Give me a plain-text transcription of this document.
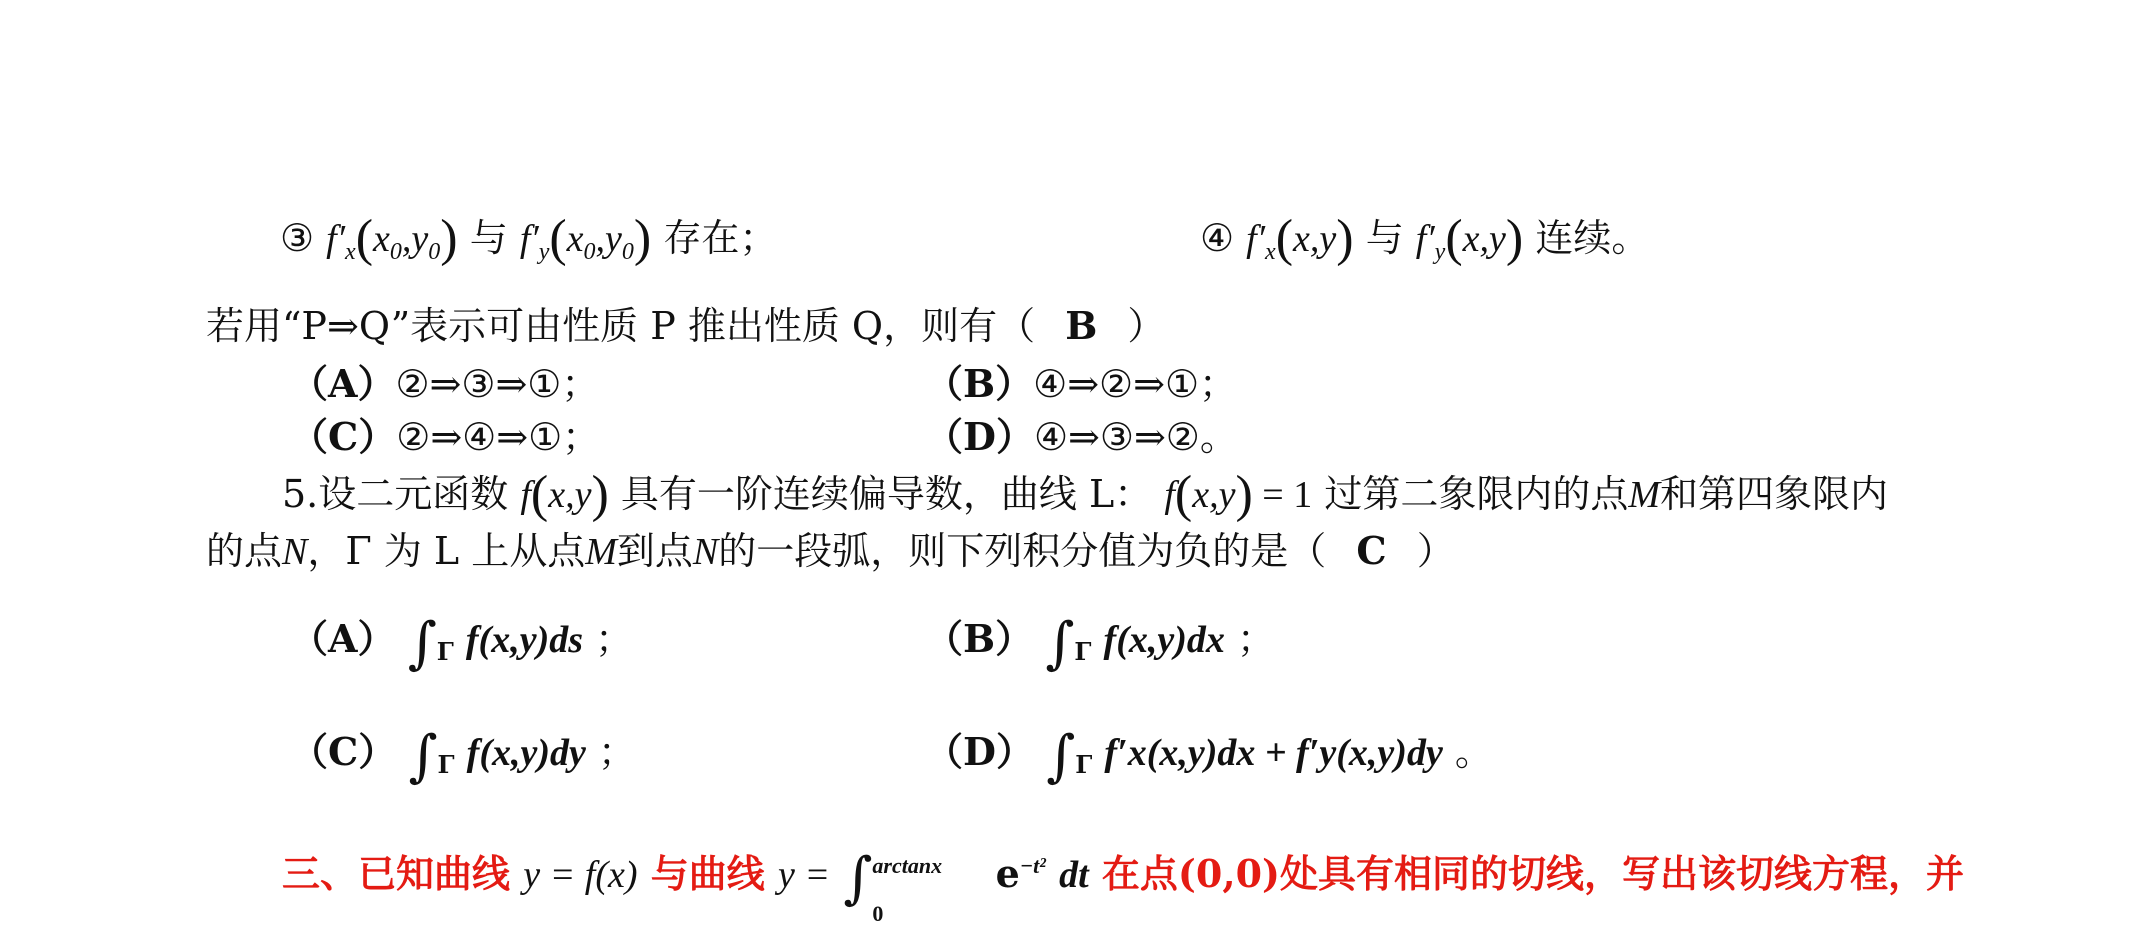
③ $f'_x(x_0,y_0)$ 与 $f'_y(x_0,y_0)$ 存在；	④ $f'_x(x,y)$ 与 $f'_y(x,y)$ 连续。
若用“P⇒Q”表示可由性质 P 推出性质 Q，则有（ B ）
（A）②⇒③⇒①；	（B）④⇒②⇒①；
（C）②⇒④⇒①；	（D）④⇒③⇒②。
5.设二元函数 f(x,y) 具有一阶连续偏导数，曲线 L： f(x,y) = 1 过第二象限内的点M和第四象限内
的点N，Γ 为 L 上从点M到点N的一段弧，则下列积分值为负的是（ C ）
（A） $\int_\Gamma$ f(x,y)ds ；	（B） $\int_\Gamma$ f(x,y)dx ；
（C） $\int_\Gamma$ f(x,y)dy ；	（D） $\int_\Gamma$ f′x(x,y)dx + f′y(x,y)dy 。
三、已知曲线 y = f(x) 与曲线 y = ∫ arctanx
0
$e^{-t^2}$ dt 在点(0,0)处具有相同的切线，写出该切线方程，并
